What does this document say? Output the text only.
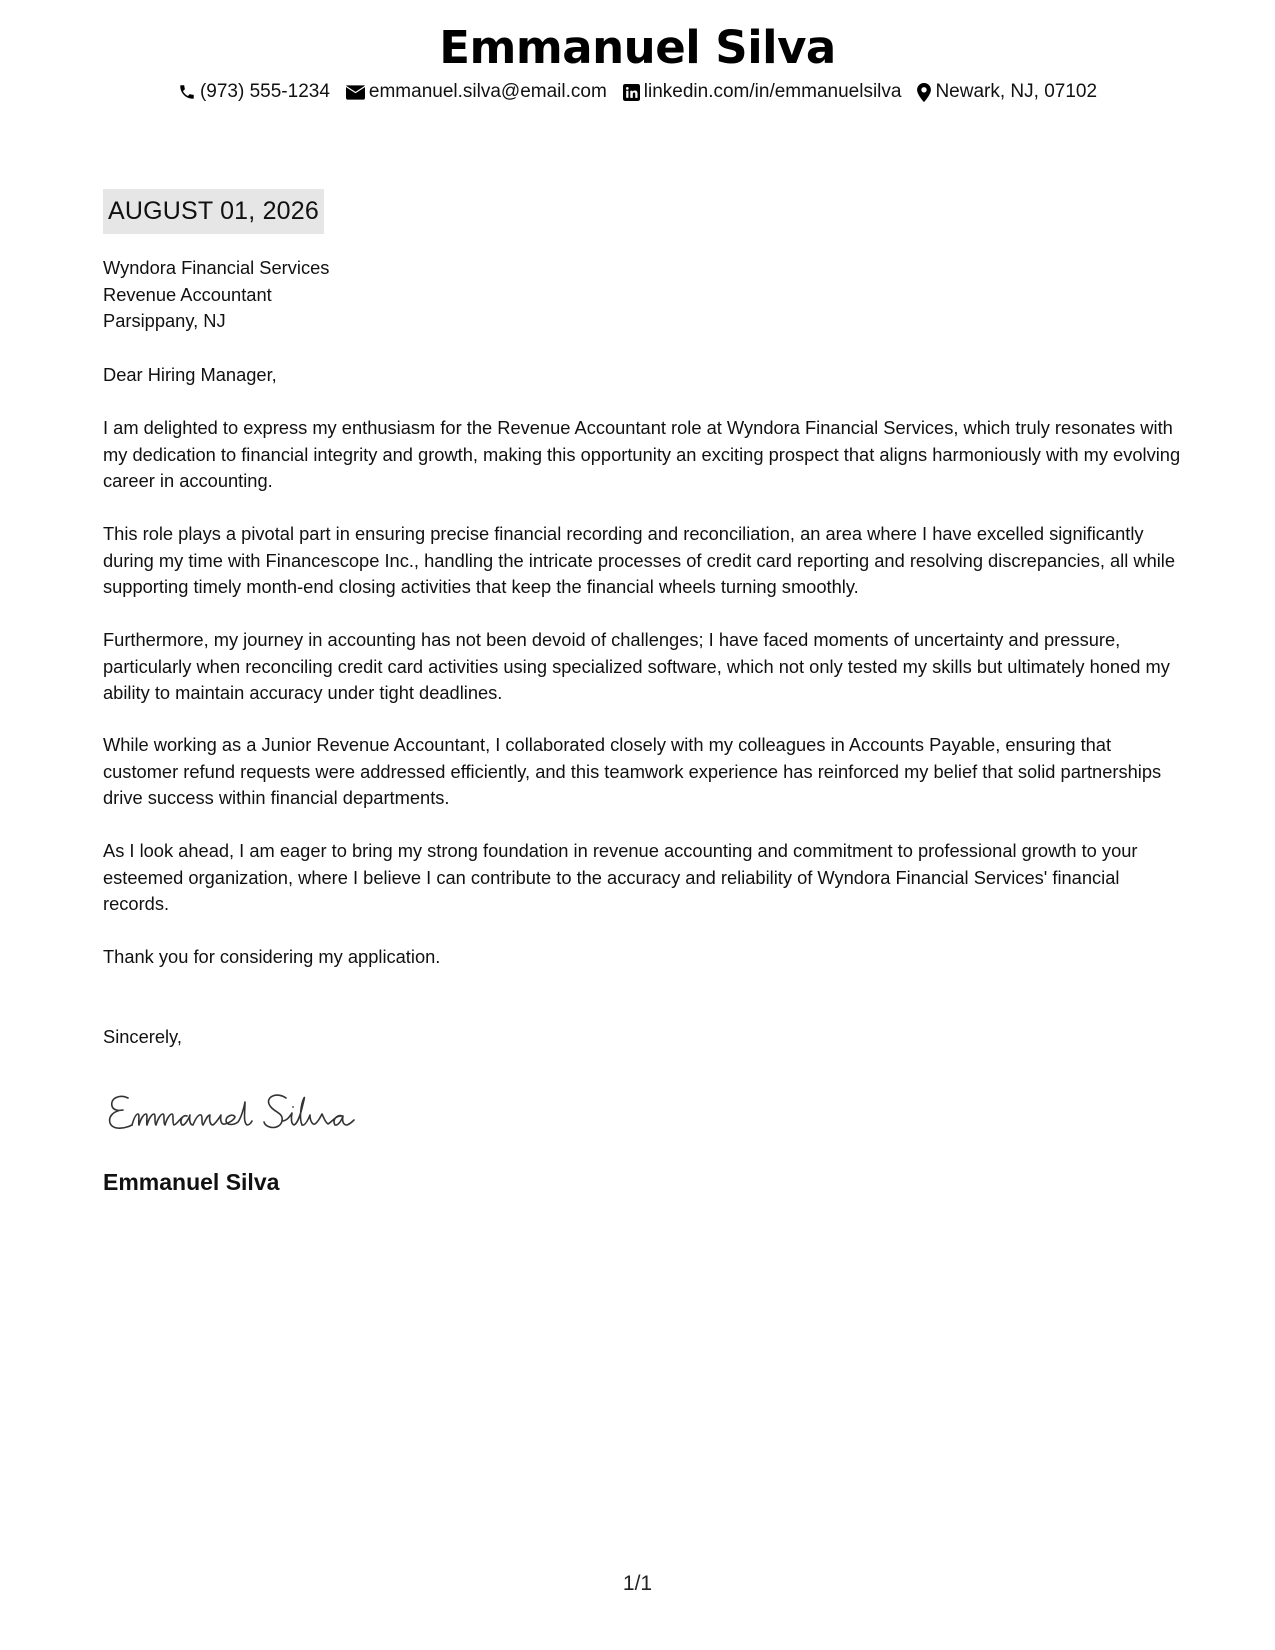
Emmanuel Silva
(973) 555-1234 emmanuel.silva@email.com linkedin.com/in/emmanuelsilva Newark, NJ, 07102
AUGUST 01, 2026
Wyndora Financial Services
Revenue Accountant
Parsippany, NJ
Dear Hiring Manager,
I am delighted to express my enthusiasm for the Revenue Accountant role at Wyndora Financial Services, which truly resonates with my dedication to financial integrity and growth, making this opportunity an exciting prospect that aligns harmoniously with my evolving career in accounting.
This role plays a pivotal part in ensuring precise financial recording and reconciliation, an area where I have excelled significantly during my time with Financescope Inc., handling the intricate processes of credit card reporting and resolving discrepancies, all while supporting timely month-end closing activities that keep the financial wheels turning smoothly.
Furthermore, my journey in accounting has not been devoid of challenges; I have faced moments of uncertainty and pressure, particularly when reconciling credit card activities using specialized software, which not only tested my skills but ultimately honed my ability to maintain accuracy under tight deadlines.
While working as a Junior Revenue Accountant, I collaborated closely with my colleagues in Accounts Payable, ensuring that customer refund requests were addressed efficiently, and this teamwork experience has reinforced my belief that solid partnerships drive success within financial departments.
As I look ahead, I am eager to bring my strong foundation in revenue accounting and commitment to professional growth to your esteemed organization, where I believe I can contribute to the accuracy and reliability of Wyndora Financial Services' financial records.
Thank you for considering my application.
Sincerely,
Emmanuel Silva
1/1
